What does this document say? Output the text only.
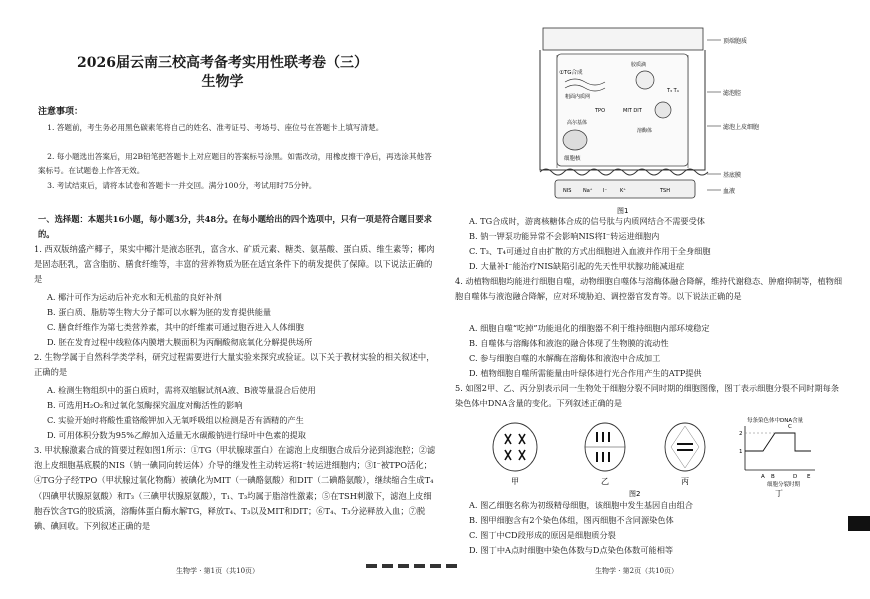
2026届云南三校高考备考实用性联考卷（三）
生物学
注意事项：
1. 答题前，考生务必用黑色碳素笔将自己的姓名、准考证号、考场号、座位号在答题卡上填写清楚。
2. 每小题选出答案后，用2B铅笔把答题卡上对应题目的答案标号涂黑。如需改动，用橡皮擦干净后，再选涂其他答案标号。在试题卷上作答无效。
3. 考试结束后，请将本试卷和答题卡一并交回。满分100分，考试用时75分钟。
一、选择题：本题共16小题，每小题3分，共48分。在每小题给出的四个选项中，只有一项是符合题目要求的。
1. 西双版纳盛产椰子，果实中椰汁是液态胚乳，富含水、矿质元素、糖类、氨基酸、蛋白质、维生素等；椰肉是固态胚乳，富含脂肪、膳食纤维等，丰富的营养物质为胚在适宜条件下的萌发提供了保障。以下说法正确的是
A. 椰汁可作为运动后补充水和无机盐的良好补剂
B. 蛋白质、脂肪等生物大分子都可以水解为胚的发育提供能量
C. 膳食纤维作为第七类营养素，其中的纤维素可通过胞吞进入人体细胞
D. 胚在发育过程中线粒体内膜增大膜面积为丙酮酸彻底氧化分解提供场所
2. 生物学属于自然科学类学科，研究过程需要进行大量实验来探究或验证。以下关于教材实验的相关叙述中，正确的是
A. 检测生物组织中的蛋白质时，需将双缩脲试剂A液、B液等量混合后使用
B. 可选用H₂O₂和过氧化氢酶探究温度对酶活性的影响
C. 实验开始时将酸性重铬酸钾加入无氧呼吸组以检测是否有酒精的产生
D. 可用体积分数为95%乙醇加入适量无水碳酸钠进行绿叶中色素的提取
3. 甲状腺激素合成的简要过程如图1所示：①TG（甲状腺球蛋白）在滤泡上皮细胞合成后分泌到滤泡腔；②滤泡上皮细胞基底膜的NIS（钠一碘同向转运体）介导的继发性主动转运将I⁻转运进细胞内；③I⁻被TPO活化；④TG分子经TPO（甲状腺过氧化物酶）被碘化为MIT（一碘酪氨酸）和DIT（二碘酪氨酸），继续缩合生成T₄（四碘甲状腺原氨酸）和T₃（三碘甲状腺原氨酸），T₁、T₃均属于脂溶性激素；⑤在TSH刺激下，滤泡上皮细胞吞饮含TG的胶质滴，溶酶体蛋白酶水解TG，释放T₄、T₃以及MIT和DIT；⑥T₄、T₃分泌释放入血；⑦脱碘、碘回收。下列叙述正确的是
生物学 · 第1页（共10页）
细胞核
①TG合成
粗面内质网
高尔基体
胶质滴
溶酶体
MIT DIT
T₃ T₄
TPO
NIS Na⁺ I⁻	K⁺	TSH
顶端胞质
滤泡腔
滤泡上皮细胞
基底膜
血液
图1
A. TG合成时，游离核糖体合成的信号肽与内质网结合不需要受体
B. 钠一钾泵功能异常不会影响NIS将I⁻转运进细胞内
C. T₃、T₄可通过自由扩散的方式出细胞进入血液并作用于全身细胞
D. 大量补I⁻能治疗NIS缺陷引起的先天性甲状腺功能减退症
4. 动植物细胞均能进行细胞自噬，动物细胞自噬体与溶酶体融合降解，维持代谢稳态、肿瘤抑制等，植物细胞自噬体与液泡融合降解，应对环境胁迫、调控器官发育等。以下说法正确的是
A. 细胞自噬“吃掉”功能退化的细胞器不利于维持细胞内部环境稳定
B. 自噬体与溶酶体和液泡的融合体现了生物膜的流动性
C. 参与细胞自噬的水解酶在溶酶体和液泡中合成加工
D. 植物细胞自噬所需能量由叶绿体进行光合作用产生的ATP提供
5. 如图2甲、乙、丙分别表示同一生物处于细胞分裂不同时期的细胞图像，图丁表示细胞分裂不同时期每条染色体中DNA含量的变化。下列叙述正确的是
甲	乙	丙
每条染色体中DNA含量
2
1
A B
C
D E
细胞分裂时期
丁
图2
A. 图乙细胞名称为初级精母细胞，该细胞中发生基因自由组合
B. 图甲细胞含有2个染色体组，图丙细胞不含同源染色体
C. 图丁中CD段形成的原因是细胞质分裂
D. 图丁中A点时细胞中染色体数与D点染色体数可能相等
生物学 · 第2页（共10页）
